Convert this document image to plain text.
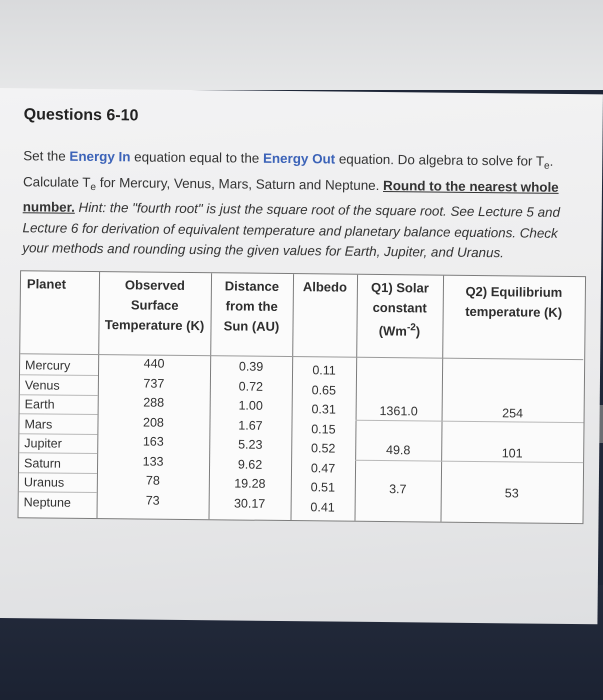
Questions 6-10
Set the Energy In equation equal to the Energy Out equation. Do algebra to solve for $T_e$. Calculate $T_e$ for Mercury, Venus, Mars, Saturn and Neptune. Round to the nearest whole number. Hint: the "fourth root" is just the square root of the square root. See Lecture 5 and Lecture 6 for derivation of equivalent temperature and planetary balance equations. Check your methods and rounding using the given values for Earth, Jupiter, and Uranus.
Planet
Mercury
Venus
Earth
Mars
Jupiter
Saturn
Uranus
Neptune
Observed Surface Temperature (K)
440
737
288
208
163
133
78
73
Distance from the Sun (AU)
0.39
0.72
1.00
1.67
5.23
9.62
19.28
30.17
Albedo
0.11
0.65
0.31
0.15
0.52
0.47
0.51
0.41
Q1) Solar constant
$(Wm^{-2})$
1361.0
49.8
3.7
Q2) Equilibrium temperature (K)
254
101
53
